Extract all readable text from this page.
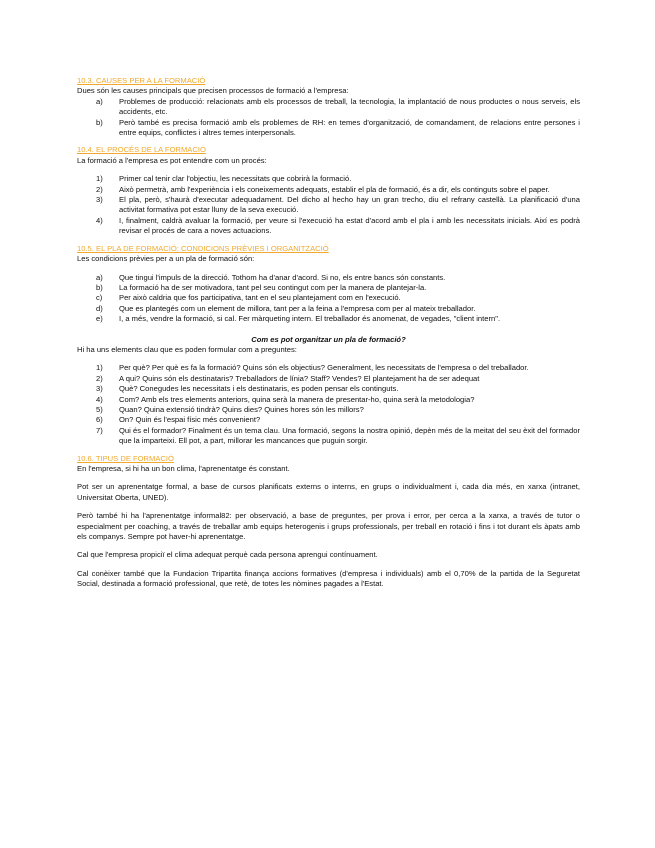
10.3. CAUSES PER A LA FORMACIÓ

Dues són les causes principals que precisen processos de formació a l'empresa:

a)	Problemes de producció: relacionats amb els processos de treball, la tecnologia, la implantació de nous productes o nous serveis, els accidents, etc.
b)	Però també es precisa formació amb els problemes de RH: en temes d'organització, de comandament, de relacions entre persones i entre equips, conflictes i altres temes interpersonals.

10.4. EL PROCÉS DE LA FORMACIÓ

La formació a l'empresa es pot entendre com un procés:

1)	Primer cal tenir clar l'objectiu, les necessitats que cobrirà la formació.
2)	Això permetrà, amb l'experiència i els coneixements adequats, establir el pla de formació, és a dir, els continguts sobre el paper.
3)	El pla, però, s'haurà d'executar adequadament. Del dicho al hecho hay un gran trecho, diu el refrany castellà. La planificació d'una activitat formativa pot estar lluny de la seva execució.
4)	I, finalment, caldrà avaluar la formació, per veure si l'execució ha estat d'acord amb el pla i amb les necessitats inicials. Així es podrà revisar el procés de cara a noves actuacions.

10.5. EL PLA DE FORMACIÓ: CONDICIONS PRÈVIES I ORGANITZACIÓ

Les condicions prèvies per a un pla de formació són:

a)	Que tingui l'impuls de la direcció. Tothom ha d'anar d'acord. Si no, els entre bancs són constants.
b)	La formació ha de ser motivadora, tant pel seu contingut com per la manera de plantejar-la.
c)	Per això caldria que fos participativa, tant en el seu plantejament com en l'execució.
d)	Que es plantegés com un element de millora, tant per a la feina a l'empresa com per al mateix treballador.
e)	I, a més, vendre la formació, si cal. Fer màrqueting intern. El treballador és anomenat, de vegades, "client intern".

Com es pot organitzar un pla de formació?

Hi ha uns elements clau que es poden formular com a preguntes:

1)	Per què? Per què es fa la formació? Quins són els objectius? Generalment, les necessitats de l'empresa o del treballador.
2)	A qui? Quins són els destinataris? Treballadors de línia? Staff? Vendes? El plantejament ha de ser adequat
3)	Què? Conegudes les necessitats i els destinataris, es poden pensar els continguts.
4)	Com? Amb els tres elements anteriors, quina serà la manera de presentar-ho, quina serà la metodologia?
5)	Quan? Quina extensió tindrà? Quins dies? Quines hores són les millors?
6)	On? Quin és l'espai físic més convenient?
7)	Qui és el formador? Finalment és un tema clau. Una formació, segons la nostra opinió, depèn més de la meitat del seu èxit del formador que la imparteixi. Ell pot, a part, millorar les mancances que puguin sorgir.

10.6. TIPUS DE FORMACIÓ

En l'empresa, si hi ha un bon clima, l'aprenentatge és constant.

Pot ser un aprenentatge formal, a base de cursos planificats externs o interns, en grups o individualment i, cada dia més, en xarxa (intranet, Universitat Oberta, UNED).

Però també hi ha l'aprenentatge informal82: per observació, a base de preguntes, per prova i error, per cerca a la xarxa, a través de tutor o especialment per coaching, a través de treballar amb equips heterogenis i grups professionals, per treball en rotació i fins i tot durant els àpats amb els companys. Sempre pot haver-hi aprenentatge.

Cal que l'empresa propiciï el clima adequat perquè cada persona aprengui contínuament.

Cal conèixer també que la Fundacion Tripartita finança accions formatives (d'empresa i individuals) amb el 0,70% de la partida de la Seguretat Social, destinada a formació professional, que retè, de totes les nòmines pagades a l'Estat.
